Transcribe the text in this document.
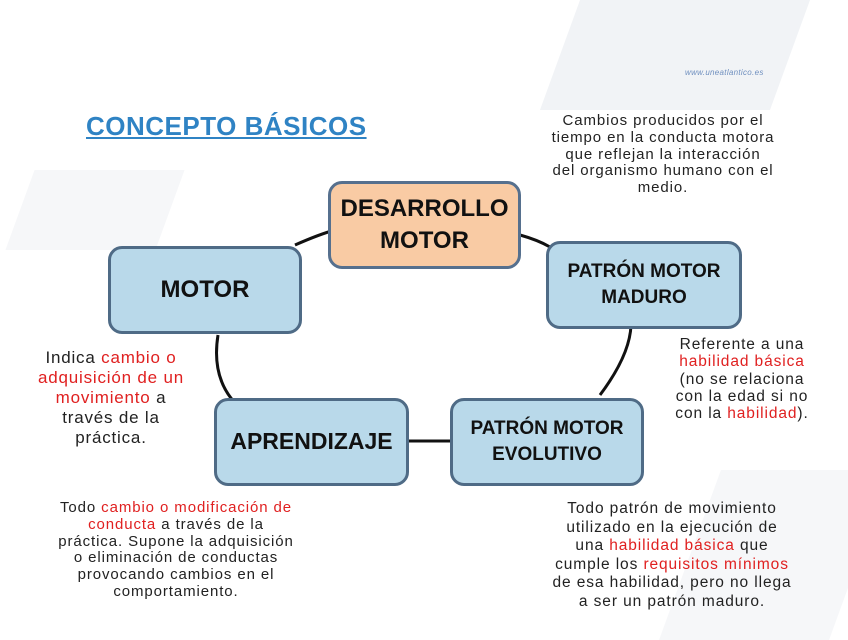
www.uneatlantico.es
CONCEPTO BÁSICOS
DESARROLLO
MOTOR
MOTOR
PATRÓN MOTOR
MADURO
APRENDIZAJE	PATRÓN MOTOR
EVOLUTIVO
Cambios producidos por el
tiempo en la conducta motora
que reflejan la interacción
del organismo humano con el
medio.
Indica cambio o
adquisición de un
movimiento a
través de la
práctica.
Referente a una
habilidad básica
(no se relaciona
con la edad si no
con la habilidad).
Todo cambio o modificación de
conducta a través de la
práctica. Supone la adquisición
o eliminación de conductas
provocando cambios en el
comportamiento.
Todo patrón de movimiento
utilizado en la ejecución de
una habilidad básica que
cumple los requisitos mínimos
de esa habilidad, pero no llega
a ser un patrón maduro.
